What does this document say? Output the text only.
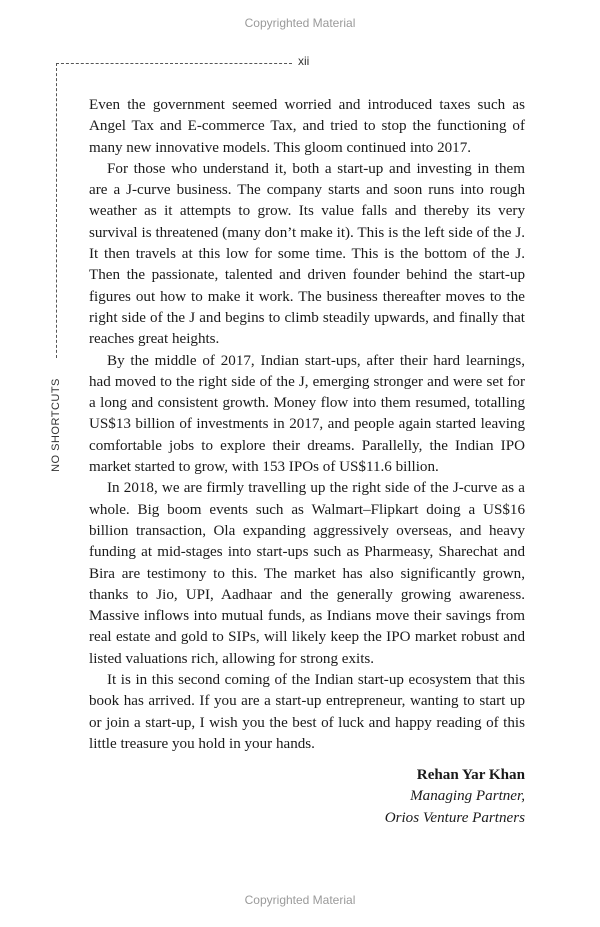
Copyrighted Material
xii
NO SHORTCUTS

Even the government seemed worried and introduced taxes such as Angel Tax and E-commerce Tax, and tried to stop the functioning of many new innovative models. This gloom continued into 2017.

For those who understand it, both a start-up and investing in them are a J-curve business. The company starts and soon runs into rough weather as it attempts to grow. Its value falls and thereby its very survival is threatened (many don’t make it). This is the left side of the J. It then travels at this low for some time. This is the bottom of the J. Then the passionate, talented and driven founder behind the start-up figures out how to make it work. The business thereafter moves to the right side of the J and begins to climb steadily upwards, and finally that reaches great heights.

By the middle of 2017, Indian start-ups, after their hard learnings, had moved to the right side of the J, emerging stronger and were set for a long and consistent growth. Money flow into them resumed, totalling US$13 billion of investments in 2017, and people again started leaving comfortable jobs to explore their dreams. Parallelly, the Indian IPO market started to grow, with 153 IPOs of US$11.6 billion.

In 2018, we are firmly travelling up the right side of the J-curve as a whole. Big boom events such as Walmart–Flipkart doing a US$16 billion transaction, Ola expanding aggressively overseas, and heavy funding at mid-stages into start-ups such as Pharmeasy, Sharechat and Bira are testimony to this. The market has also significantly grown, thanks to Jio, UPI, Aadhaar and the generally growing awareness. Massive inflows into mutual funds, as Indians move their savings from real estate and gold to SIPs, will likely keep the IPO market robust and listed valuations rich, allowing for strong exits.

It is in this second coming of the Indian start-up ecosystem that this book has arrived. If you are a start-up entrepreneur, wanting to start up or join a start-up, I wish you the best of luck and happy reading of this little treasure you hold in your hands.

Rehan Yar Khan
Managing Partner,
Orios Venture Partners
Copyrighted Material
